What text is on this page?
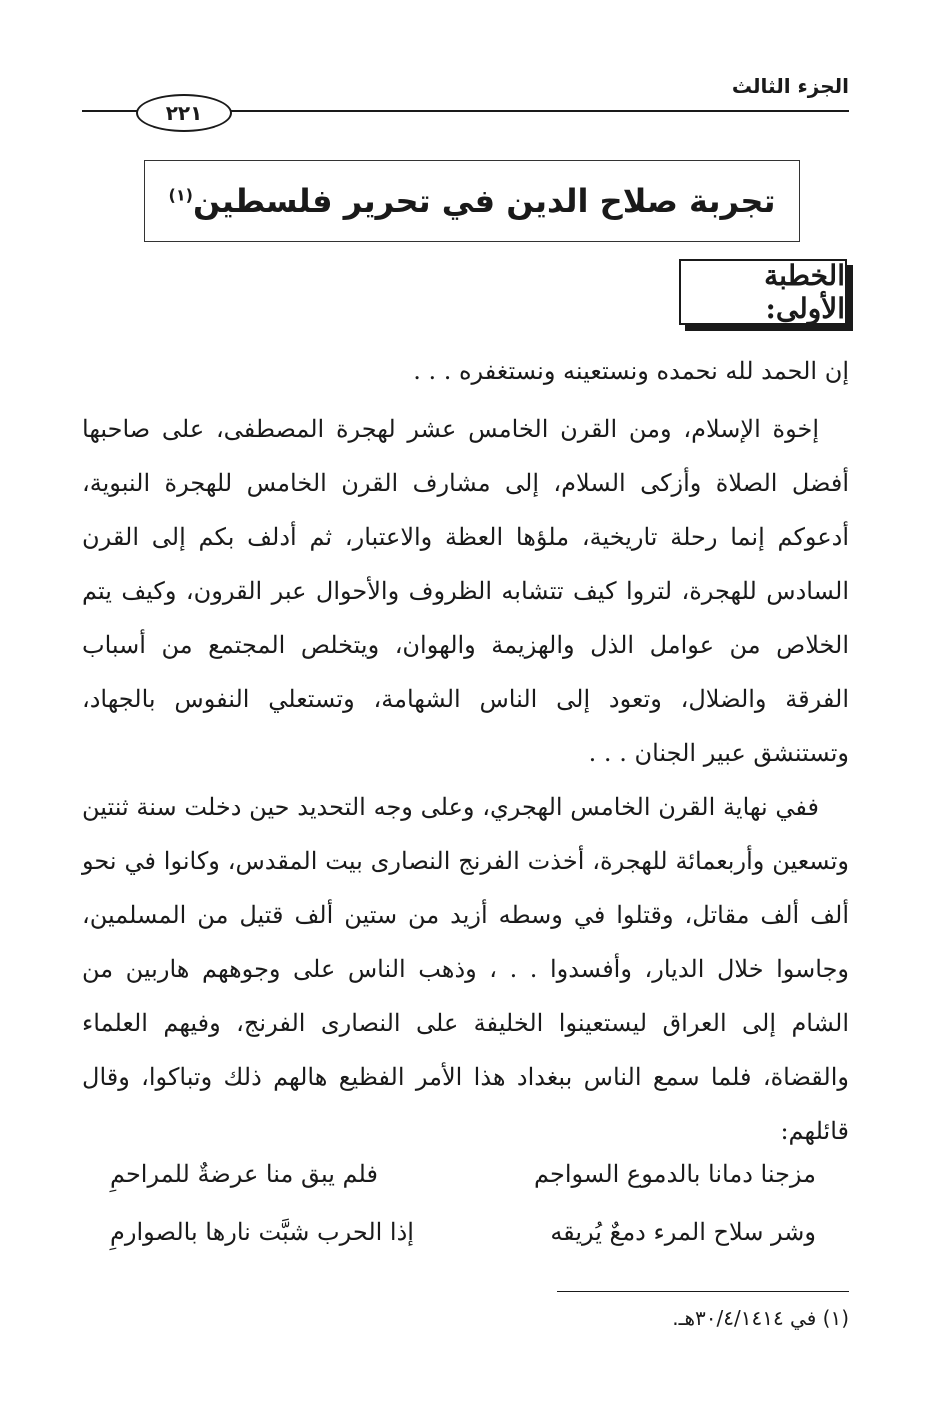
الجزء الثالث
٢٢١
تجربة صلاح الدين في تحرير فلسطين$^{(١)}$
الخطبة الأولى:
إن الحمد لله نحمده ونستعينه ونستغفره . . .
إخوة الإسلام، ومن القرن الخامس عشر لهجرة المصطفى، على صاحبها أفضل الصلاة وأزكى السلام، إلى مشارف القرن الخامس للهجرة النبوية، أدعوكم إنما رحلة تاريخية، ملؤها العظة والاعتبار، ثم أدلف بكم إلى القرن السادس للهجرة، لتروا كيف تتشابه الظروف والأحوال عبر القرون، وكيف يتم الخلاص من عوامل الذل والهزيمة والهوان، ويتخلص المجتمع من أسباب الفرقة والضلال، وتعود إلى الناس الشهامة، وتستعلي النفوس بالجهاد، وتستنشق عبير الجنان . . .
ففي نهاية القرن الخامس الهجري، وعلى وجه التحديد حين دخلت سنة ثنتين وتسعين وأربعمائة للهجرة، أخذت الفرنج النصارى بيت المقدس، وكانوا في نحو ألف ألف مقاتل، وقتلوا في وسطه أزيد من ستين ألف قتيل من المسلمين، وجاسوا خلال الديار، وأفسدوا . . ، وذهب الناس على وجوههم هاربين من الشام إلى العراق ليستعينوا الخليفة على النصارى الفرنج، وفيهم العلماء والقضاة، فلما سمع الناس ببغداد هذا الأمر الفظيع هالهم ذلك وتباكوا، وقال قائلهم:
مزجنا دمانا بالدموع السواجم
فلم يبق منا عرضةٌ للمراحمِ
وشر سلاح المرء دمعٌ يُريقه
إذا الحرب شبَّت نارها بالصوارمِ
(١) في ٣٠/٤/١٤١٤هـ.
